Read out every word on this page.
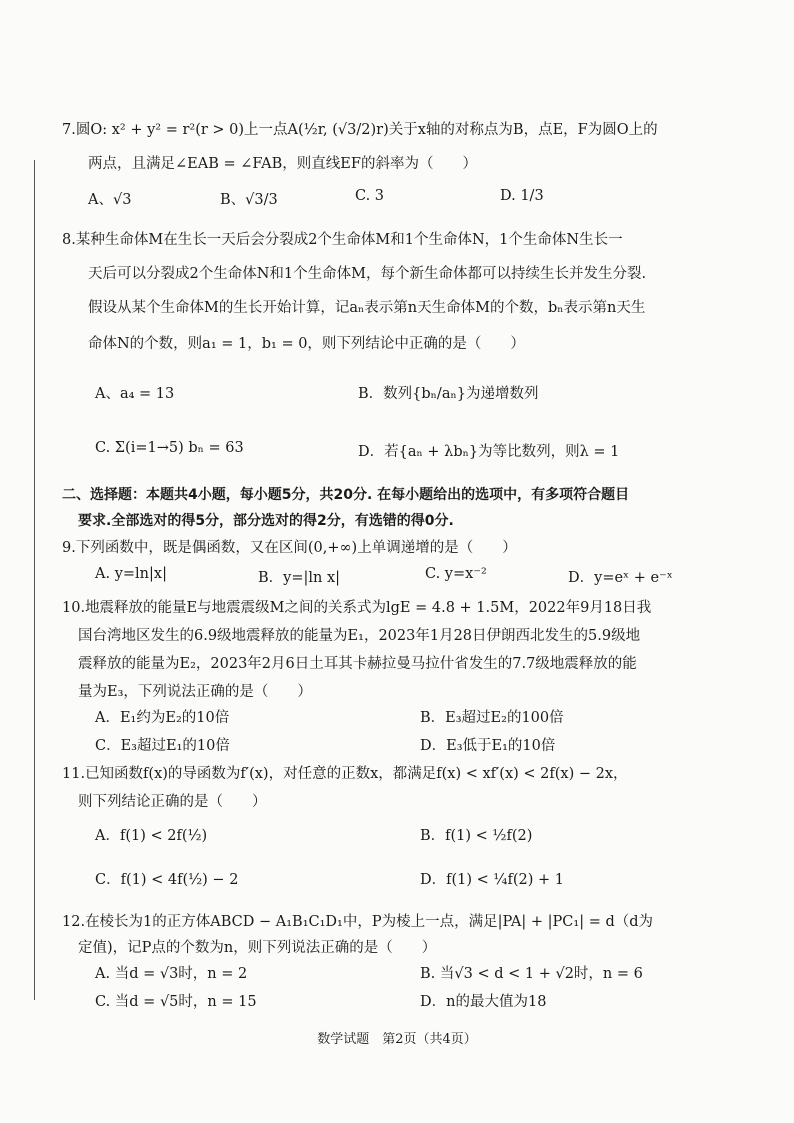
7.圆O: x² + y² = r²(r > 0)上一点A(½r, (√3/2)r)关于x轴的对称点为B，点E，F为圆O上的
两点，且满足∠EAB = ∠FAB，则直线EF的斜率为（　　）
A、√3	B、√3/3	C. 3	D. 1/3
8.某种生命体M在生长一天后会分裂成2个生命体M和1个生命体N，1个生命体N生长一
天后可以分裂成2个生命体N和1个生命体M，每个新生命体都可以持续生长并发生分裂.
假设从某个生命体M的生长开始计算，记aₙ表示第n天生命体M的个数，bₙ表示第n天生
命体N的个数，则a₁ = 1，b₁ = 0，则下列结论中正确的是（　　）
A、a₄ = 13	B．数列{bₙ/aₙ}为递增数列
C. Σ(i=1→5) bₙ = 63	D．若{aₙ + λbₙ}为等比数列，则λ = 1
二、选择题：本题共4小题，每小题5分，共20分. 在每小题给出的选项中，有多项符合题目
要求.全部选对的得5分，部分选对的得2分，有选错的得0分.
9.下列函数中，既是偶函数，又在区间(0,+∞)上单调递增的是（　　）
A. y=ln|x|	B．y=|ln x|	C. y=x⁻²	D．y=eˣ + e⁻ˣ
10.地震释放的能量E与地震震级M之间的关系式为lgE = 4.8 + 1.5M，2022年9月18日我
国台湾地区发生的6.9级地震释放的能量为E₁，2023年1月28日伊朗西北发生的5.9级地
震释放的能量为E₂，2023年2月6日土耳其卡赫拉曼马拉什省发生的7.7级地震释放的能
量为E₃，下列说法正确的是（　　）
A．E₁约为E₂的10倍	B．E₃超过E₂的100倍
C．E₃超过E₁的10倍	D．E₃低于E₁的10倍
11.已知函数f(x)的导函数为f′(x)，对任意的正数x，都满足f(x) < xf′(x) < 2f(x) − 2x，
则下列结论正确的是（　　）
A．f(1) < 2f(½)	B．f(1) < ½f(2)
C．f(1) < 4f(½) − 2	D．f(1) < ¼f(2) + 1
12.在棱长为1的正方体ABCD − A₁B₁C₁D₁中，P为棱上一点，满足|PA| + |PC₁| = d（d为
定值)，记P点的个数为n，则下列说法正确的是（　　）
A. 当d = √3时，n = 2	B. 当√3 < d < 1 + √2时，n = 6
C. 当d = √5时，n = 15	D．n的最大值为18
数学试题　第2页（共4页）
